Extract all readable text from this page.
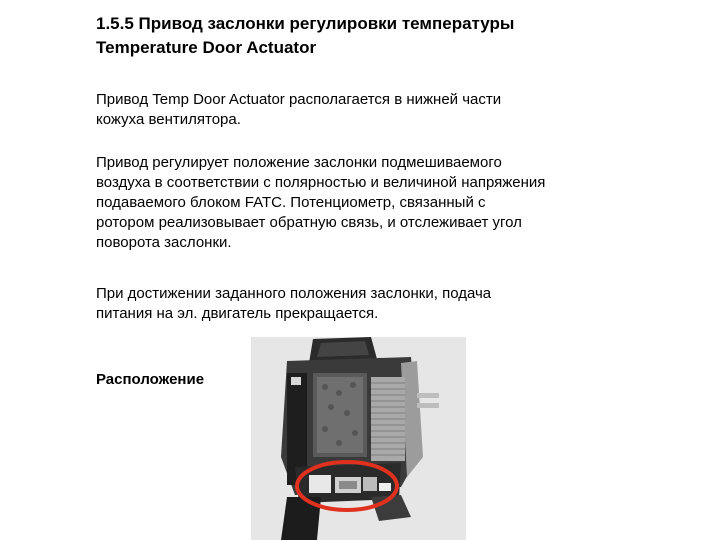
1.5.5 Привод заслонки регулировки температуры Temperature Door Actuator

Привод Temp Door Actuator располагается в нижней части кожуха вентилятора.

Привод регулирует положение заслонки подмешиваемого воздуха в соответствии с полярностью и величиной напряжения подаваемого блоком FATC. Потенциометр, связанный с ротором реализовывает обратную связь, и отслеживает угол поворота заслонки.

При достижении заданного положения заслонки, подача питания на эл. двигатель прекращается.

Расположение
